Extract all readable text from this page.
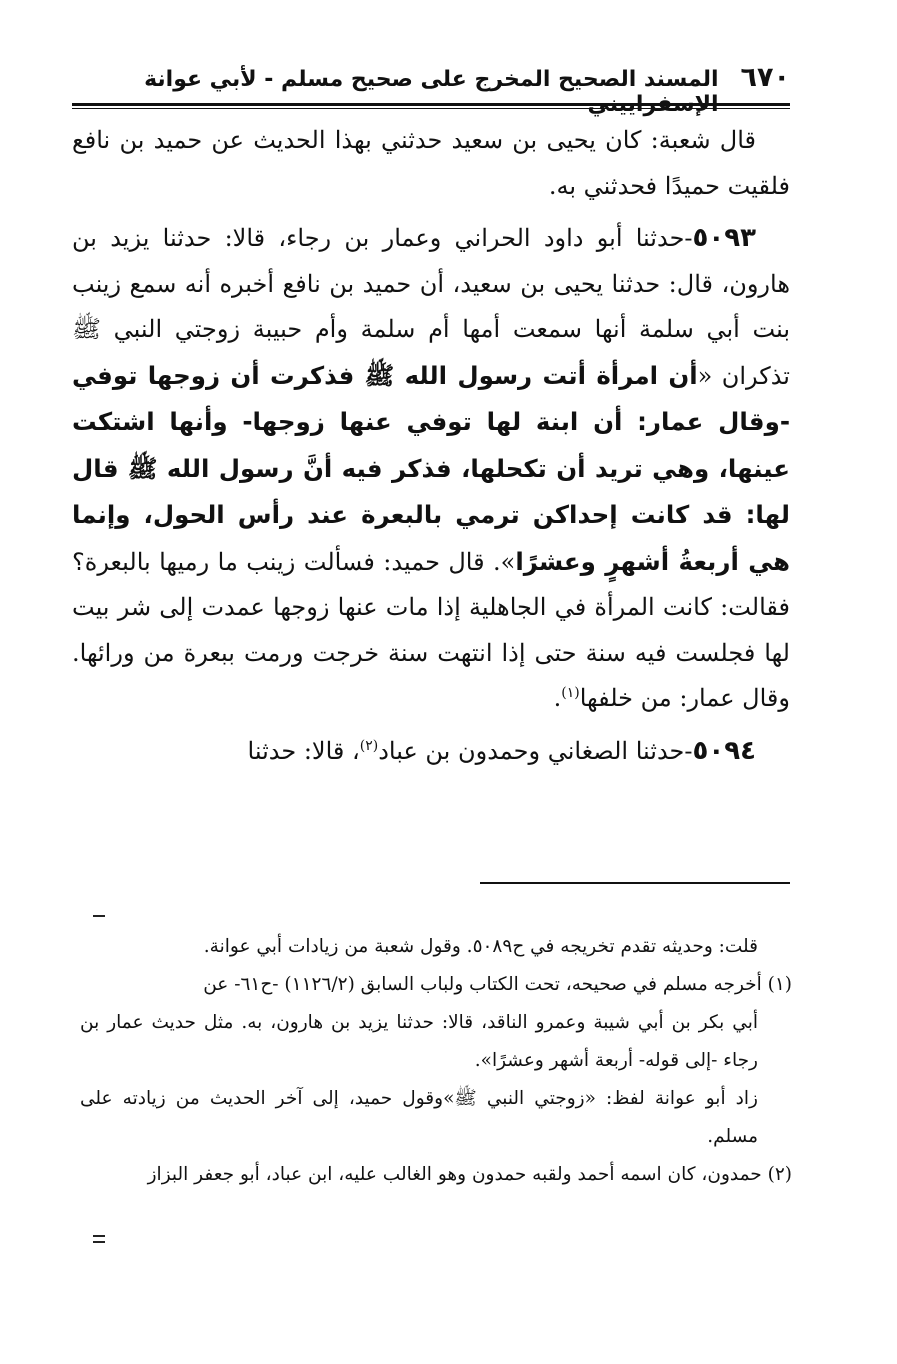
٦٧٠
المسند الصحيح المخرج على صحيح مسلم - لأبي عوانة

قال شعبة: كان يحيى بن سعيد حدثني بهذا الحديث عن حميد بن نافع فلقيت حميدًا فحدثني به.

٥٠٩٣-حدثنا أبو داود الحراني وعمار بن رجاء، قالا: حدثنا يزيد بن هارون، قال: حدثنا يحيى بن سعيد، أن حميد بن نافع أخبره أنه سمع زينب بنت أبي سلمة أنها سمعت أمها أم سلمة وأم حبيبة زوجتي النبي ﷺ تذكران «أن امرأة أتت رسول الله ﷺ فذكرت أن زوجها توفي -وقال عمار: أن ابنة لها توفي عنها زوجها- وأنها اشتكت عينها، وهي تريد أن تكحلها، فذكر فيه أنَّ رسول الله ﷺ قال لها: قد كانت إحداكن ترمي بالبعرة عند رأس الحول، وإنما هي أربعةُ أشهرٍ وعشرًا». قال حميد: فسألت زينب ما رميها بالبعرة؟ فقالت: كانت المرأة في الجاهلية إذا مات عنها زوجها عمدت إلى شر بيت لها فجلست فيه سنة حتى إذا انتهت سنة خرجت ورمت ببعرة من ورائها. وقال عمار: من خلفها$^{(١)}$.

٥٠٩٤-حدثنا الصغاني وحمدون بن عباد$^{(٢)}$، قالا: حدثنا

قلت: وحديثه تقدم تخريجه في ح٥٠٨٩. وقول شعبة من زيادات أبي عوانة.

(١) أخرجه مسلم في صحيحه، تحت الكتاب ولباب السابق (١١٢٦/٢) -ح٦١- عن

أبي بكر بن أبي شيبة وعمرو الناقد، قالا: حدثنا يزيد بن هارون، به. مثل حديث عمار بن رجاء -إلى قوله- أربعة أشهر وعشرًا».

زاد أبو عوانة لفظ: «زوجتي النبي ﷺ»وقول حميد، إلى آخر الحديث من زيادته على مسلم.

(٢) حمدون، كان اسمه أحمد ولقبه حمدون وهو الغالب عليه، ابن عباد، أبو جعفر البزاز
